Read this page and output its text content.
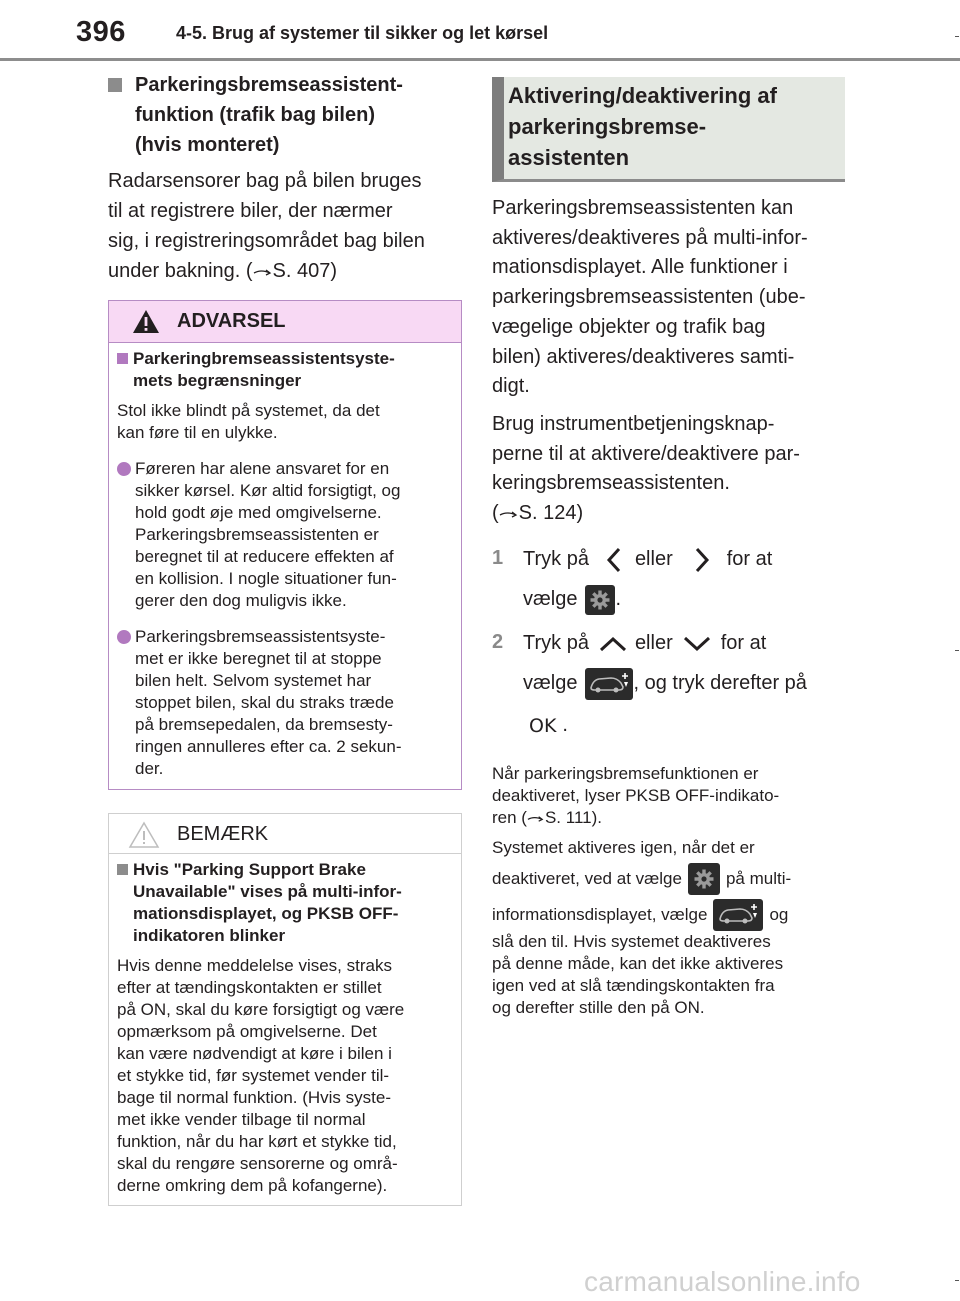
396	4-5. Brug af systemer til sikker og let kørsel
Parkeringsbremseassistent-
funktion (trafik bag bilen)
(hvis monteret)
Radarsensorer bag på bilen bruges
til at registrere biler, der nærmer
sig, i registreringsområdet bag bilen
under bakning. ( S. 407)
ADVARSEL
Parkeringbremseassistentsyste-
mets begrænsninger
Stol ikke blindt på systemet, da det
kan føre til en ulykke.
Føreren har alene ansvaret for en
sikker kørsel. Kør altid forsigtigt, og
hold godt øje med omgivelserne.
Parkeringsbremseassistenten er
beregnet til at reducere effekten af
en kollision. I nogle situationer fun-
gerer den dog muligvis ikke.
Parkeringsbremseassistentsyste-
met er ikke beregnet til at stoppe
bilen helt. Selvom systemet har
stoppet bilen, skal du straks træde
på bremsepedalen, da bremsesty-
ringen annulleres efter ca. 2 sekun-
der.
BEMÆRK
Hvis "Parking Support Brake
Unavailable" vises på multi-infor-
mationsdisplayet, og PKSB OFF-
indikatoren blinker
Hvis denne meddelelse vises, straks
efter at tændingskontakten er stillet
på ON, skal du køre forsigtigt og være
opmærksom på omgivelserne. Det
kan være nødvendigt at køre i bilen i
et stykke tid, før systemet vender til-
bage til normal funktion. (Hvis syste-
met ikke vender tilbage til normal
funktion, når du har kørt et stykke tid,
skal du rengøre sensorerne og områ-
derne omkring dem på kofangerne).
Aktivering/deaktivering af
parkeringsbremse-
assistenten
Parkeringsbremseassistenten kan
aktiveres/deaktiveres på multi-infor-
mationsdisplayet. Alle funktioner i
parkeringsbremseassistenten (ube-
vægelige objekter og trafik bag
bilen) aktiveres/deaktiveres samti-
digt.
Brug instrumentbetjeningsknap-
perne til at aktivere/deaktivere par-
keringsbremseassistenten.
( S. 124)
1 Tryk på eller	for at
vælge .
2 Tryk på eller for at
vælge	, og tryk derefter på
OK .
Når parkeringsbremsefunktionen er
deaktiveret, lyser PKSB OFF-indikato-
ren ( S. 111).
Systemet aktiveres igen, når det er
deaktiveret, ved at vælge	på multi-
informationsdisplayet, vælge	og
slå den til. Hvis systemet deaktiveres
på denne måde, kan det ikke aktiveres
igen ved at slå tændingskontakten fra
og derefter stille den på ON.
carmanualsonline.info
